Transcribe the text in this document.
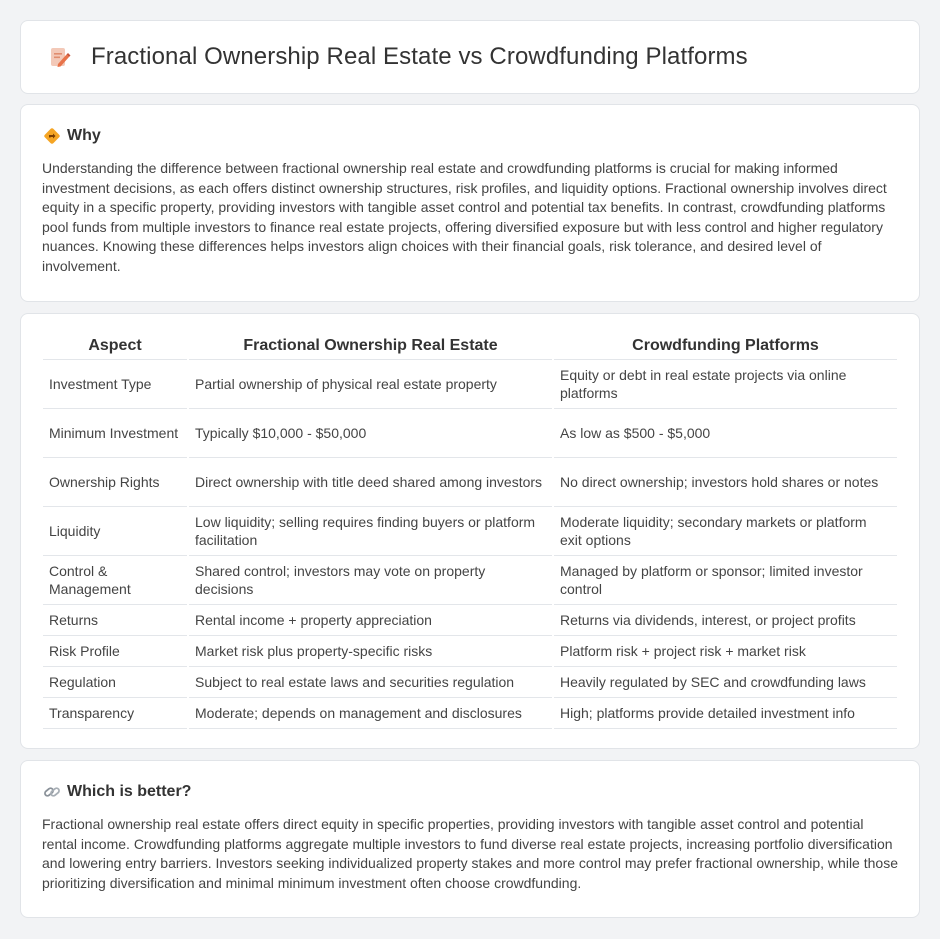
Fractional Ownership Real Estate vs Crowdfunding Platforms
Why

Understanding the difference between fractional ownership real estate and crowdfunding platforms is crucial for making informed investment decisions, as each offers distinct ownership structures, risk profiles, and liquidity options. Fractional ownership involves direct equity in a specific property, providing investors with tangible asset control and potential tax benefits. In contrast, crowdfunding platforms pool funds from multiple investors to finance real estate projects, offering diversified exposure but with less control and higher regulatory nuances. Knowing these differences helps investors align choices with their financial goals, risk tolerance, and desired level of involvement.

Aspect	Fractional Ownership Real Estate	Crowdfunding Platforms
Investment Type	Partial ownership of physical real estate property	Equity or debt in real estate projects via online platforms
Minimum Investment	Typically $10,000 - $50,000	As low as $500 - $5,000
Ownership Rights	Direct ownership with title deed shared among investors	No direct ownership; investors hold shares or notes
Liquidity	Low liquidity; selling requires finding buyers or platform facilitation	Moderate liquidity; secondary markets or platform exit options
Control & Management	Shared control; investors may vote on property decisions	Managed by platform or sponsor; limited investor control
Returns	Rental income + property appreciation	Returns via dividends, interest, or project profits
Risk Profile	Market risk plus property-specific risks	Platform risk + project risk + market risk
Regulation	Subject to real estate laws and securities regulation	Heavily regulated by SEC and crowdfunding laws
Transparency	Moderate; depends on management and disclosures	High; platforms provide detailed investment info
Which is better?

Fractional ownership real estate offers direct equity in specific properties, providing investors with tangible asset control and potential rental income. Crowdfunding platforms aggregate multiple investors to fund diverse real estate projects, increasing portfolio diversification and lowering entry barriers. Investors seeking individualized property stakes and more control may prefer fractional ownership, while those prioritizing diversification and minimal minimum investment often choose crowdfunding.
